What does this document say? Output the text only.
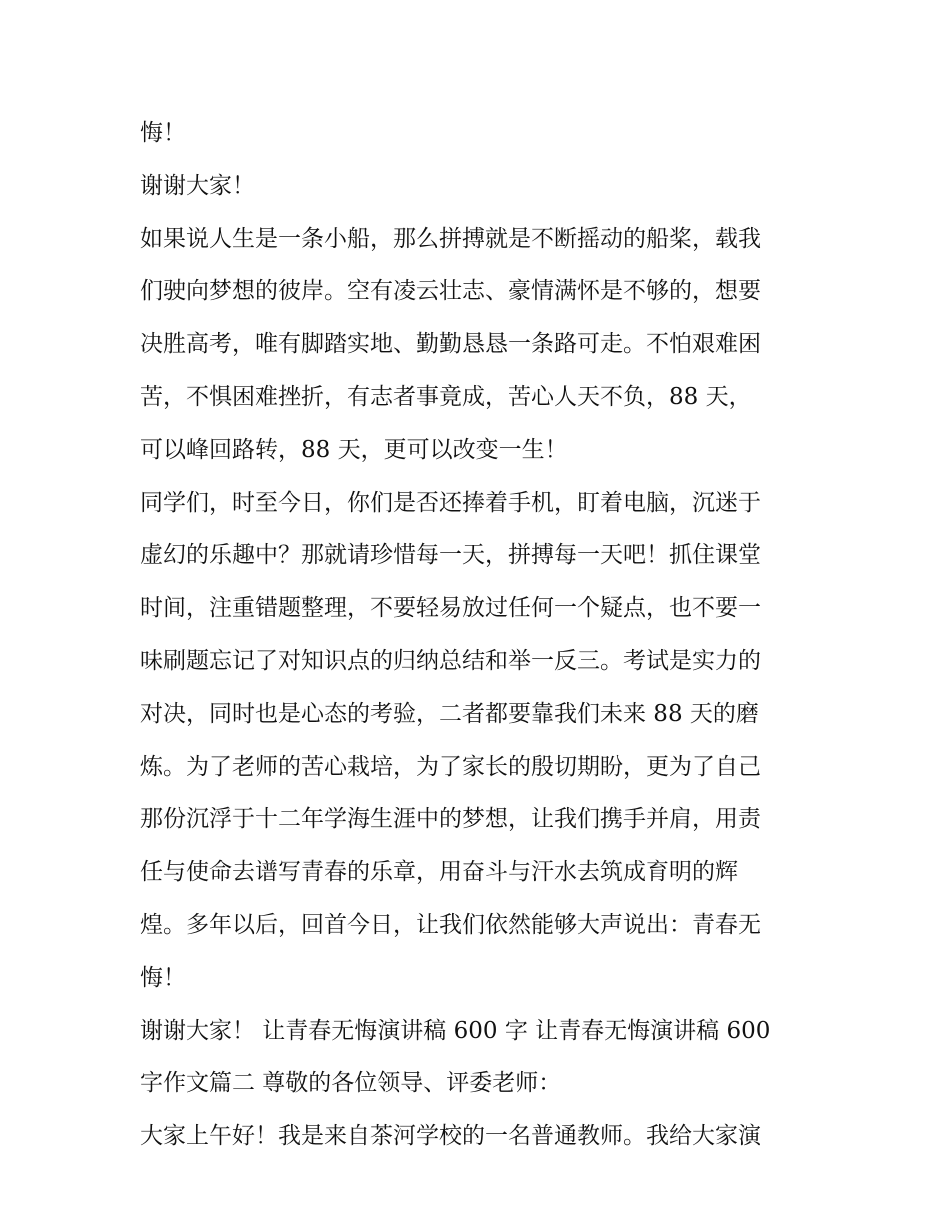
悔！
谢谢大家！
如果说人生是一条小船，那么拼搏就是不断摇动的船桨，载我
们驶向梦想的彼岸。空有凌云壮志、豪情满怀是不够的，想要
决胜高考，唯有脚踏实地、勤勤恳恳一条路可走。不怕艰难困
苦，不惧困难挫折，有志者事竟成，苦心人天不负，88 天，
可以峰回路转，88 天，更可以改变一生！
同学们，时至今日，你们是否还捧着手机，盯着电脑，沉迷于
虚幻的乐趣中？那就请珍惜每一天，拼搏每一天吧！抓住课堂
时间，注重错题整理，不要轻易放过任何一个疑点，也不要一
味刷题忘记了对知识点的归纳总结和举一反三。考试是实力的
对决，同时也是心态的考验，二者都要靠我们未来 88 天的磨
炼。为了老师的苦心栽培，为了家长的殷切期盼，更为了自己
那份沉浮于十二年学海生涯中的梦想，让我们携手并肩，用责
任与使命去谱写青春的乐章，用奋斗与汗水去筑成育明的辉
煌。多年以后，回首今日，让我们依然能够大声说出：青春无
悔！
谢谢大家！ 让青春无悔演讲稿 600 字 让青春无悔演讲稿 600
字作文篇二 尊敬的各位领导、评委老师：
大家上午好！我是来自茶河学校的一名普通教师。我给大家演
